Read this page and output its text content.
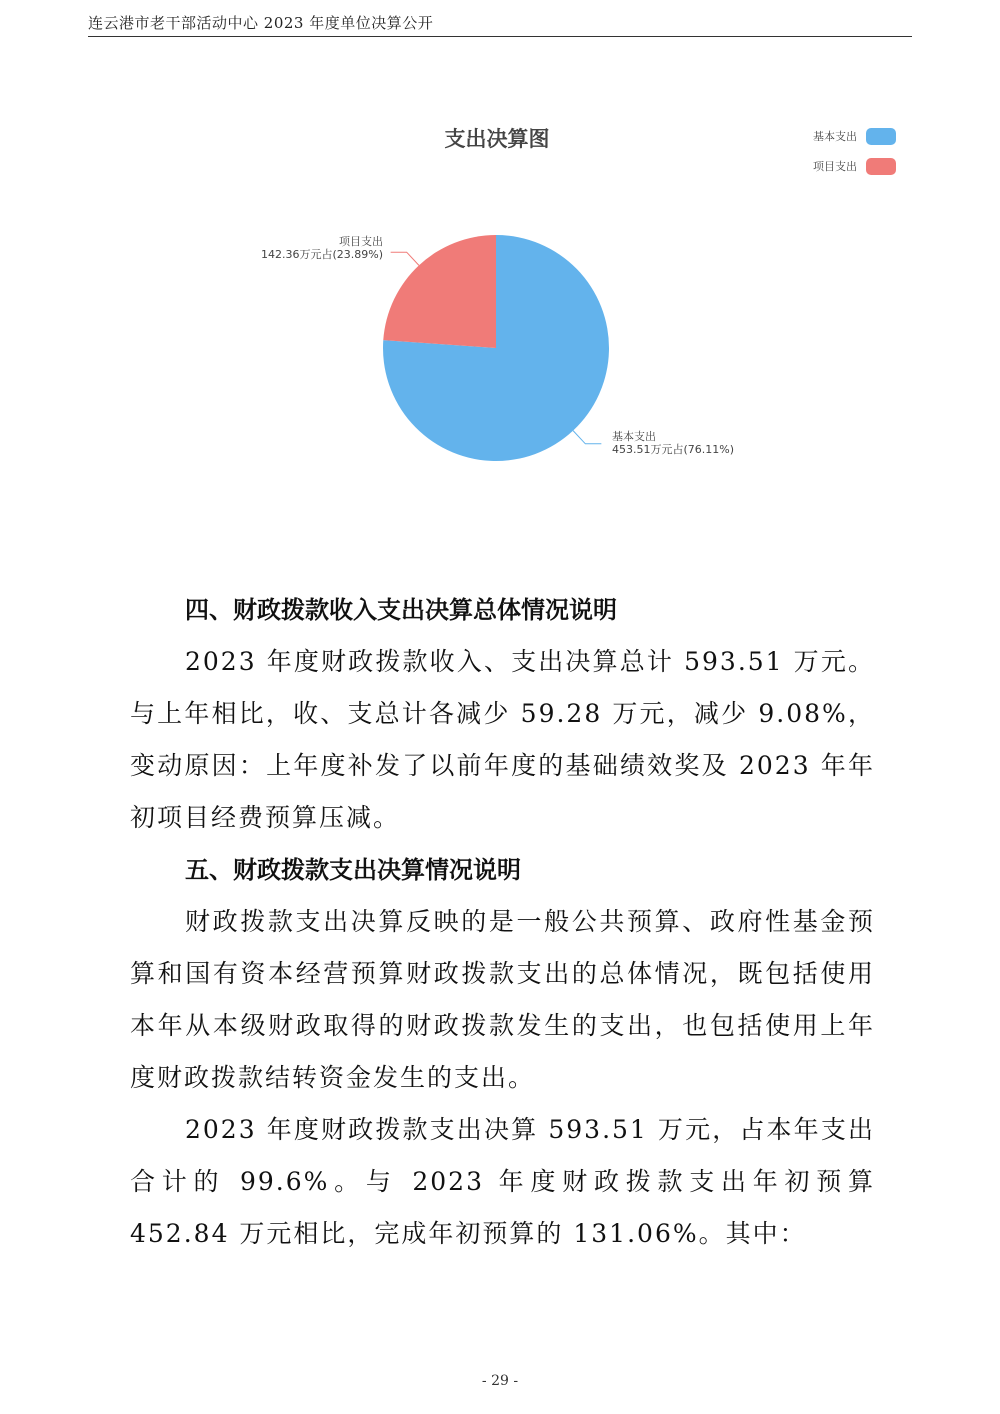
连云港市老干部活动中心 2023 年度单位决算公开
支出决算图	基本支出
项目支出
基本支出
453.51万元占(76.11%)
项目支出
142.36万元占(23.89%)
四、财政拨款收入支出决算总体情况说明
2023 年度财政拨款收入、支出决算总计 593.51 万元。与上年相比，收、支总计各减少 59.28 万元，减少 9.08%，变动原因：上年度补发了以前年度的基础绩效奖及 2023 年年初项目经费预算压减。
五、财政拨款支出决算情况说明
财政拨款支出决算反映的是一般公共预算、政府性基金预算和国有资本经营预算财政拨款支出的总体情况，既包括使用本年从本级财政取得的财政拨款发生的支出，也包括使用上年度财政拨款结转资金发生的支出。
2023 年度财政拨款支出决算 593.51 万元，占本年支出合计的 99.6%。与 2023 年度财政拨款支出年初预算 452.84 万元相比，完成年初预算的 131.06%。其中：
- 29 -
